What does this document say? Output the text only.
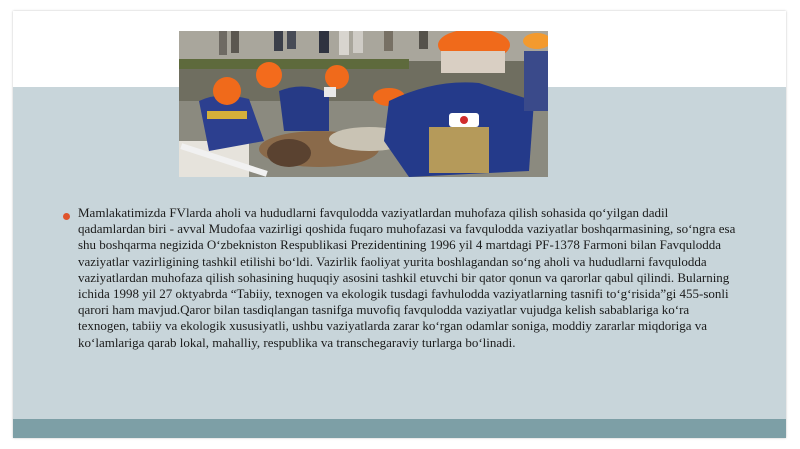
Mamlakatimizda FVlarda aholi va hududlarni favqulodda vaziyatlardan muhofaza qilish sohasida qo‘yilgan dadil qadamlardan biri - avval Mudofaa vazirligi qoshida fuqaro muhofazasi va favqulodda vaziyatlar boshqarmasining, so‘ngra esa shu boshqarma negizida O‘zbekniston Respublikasi Prezidentining 1996 yil 4 martdagi PF-1378 Farmoni bilan Favqulodda vaziyatlar vazirligining tashkil etilishi bo‘ldi. Vazirlik faoliyat yurita boshlagandan so‘ng aholi va hududlarni favqulodda vaziyatlardan muhofaza qilish sohasining huquqiy asosini tashkil etuvchi bir qator qonun va qarorlar qabul qilindi. Bularning ichida 1998 yil 27 oktyabrda “Tabiiy, texnogen va ekologik tusdagi favhulodda vaziyatlarning tasnifi to‘g‘risida”gi 455-sonli qarori ham mavjud.Qaror bilan tasdiqlangan tasnifga muvofiq favqulodda vaziyatlar vujudga kelish sabablariga ko‘ra texnogen, tabiiy va ekologik xususiyatli, ushbu vaziyatlarda zarar ko‘rgan odamlar soniga, moddiy zararlar miqdoriga va ko‘lamlariga qarab lokal, mahalliy, respublika va transchegaraviy turlarga bo‘linadi.
